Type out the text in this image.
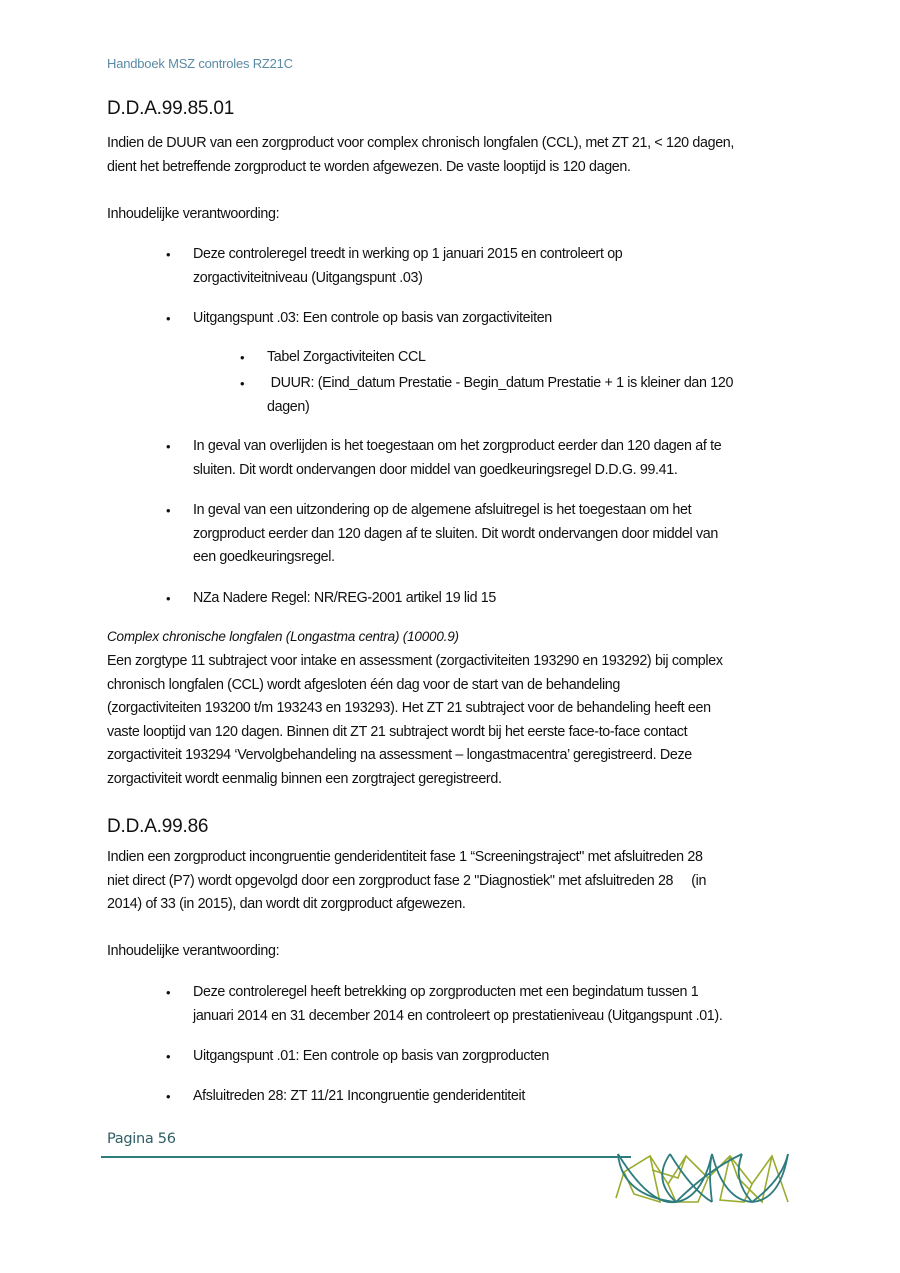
Handboek MSZ controles RZ21C
D.D.A.99.85.01
Indien de DUUR van een zorgproduct voor complex chronisch longfalen (CCL), met ZT 21, < 120 dagen,
dient het betreffende zorgproduct te worden afgewezen. De vaste looptijd is 120 dagen.
Inhoudelijke verantwoording:
• Deze controleregel treedt in werking op 1 januari 2015 en controleert op
zorgactiviteitniveau (Uitgangspunt .03)
• Uitgangspunt .03: Een controle op basis van zorgactiviteiten
• Tabel Zorgactiviteiten CCL
• DUUR: (Eind_datum Prestatie - Begin_datum Prestatie + 1 is kleiner dan 120
dagen)
• In geval van overlijden is het toegestaan om het zorgproduct eerder dan 120 dagen af te
sluiten. Dit wordt ondervangen door middel van goedkeuringsregel D.D.G. 99.41.
• In geval van een uitzondering op de algemene afsluitregel is het toegestaan om het
zorgproduct eerder dan 120 dagen af te sluiten. Dit wordt ondervangen door middel van
een goedkeuringsregel.
• NZa Nadere Regel: NR/REG-2001 artikel 19 lid 15
Complex chronische longfalen (Longastma centra) (10000.9)
Een zorgtype 11 subtraject voor intake en assessment (zorgactiviteiten 193290 en 193292) bij complex
chronisch longfalen (CCL) wordt afgesloten één dag voor de start van de behandeling
(zorgactiviteiten 193200 t/m 193243 en 193293). Het ZT 21 subtraject voor de behandeling heeft een
vaste looptijd van 120 dagen. Binnen dit ZT 21 subtraject wordt bij het eerste face-to-face contact
zorgactiviteit 193294 ‘Vervolgbehandeling na assessment – longastmacentra’ geregistreerd. Deze
zorgactiviteit wordt eenmalig binnen een zorgtraject geregistreerd.
D.D.A.99.86
Indien een zorgproduct incongruentie genderidentiteit fase 1 “Screeningstraject" met afsluitreden 28
niet direct (P7) wordt opgevolgd door een zorgproduct fase 2 "Diagnostiek" met afsluitreden 28     (in
2014) of 33 (in 2015), dan wordt dit zorgproduct afgewezen.
Inhoudelijke verantwoording:
• Deze controleregel heeft betrekking op zorgproducten met een begindatum tussen 1
januari 2014 en 31 december 2014 en controleert op prestatieniveau (Uitgangspunt .01).
• Uitgangspunt .01: Een controle op basis van zorgproducten
• Afsluitreden 28: ZT 11/21 Incongruentie genderidentiteit
Pagina 56
